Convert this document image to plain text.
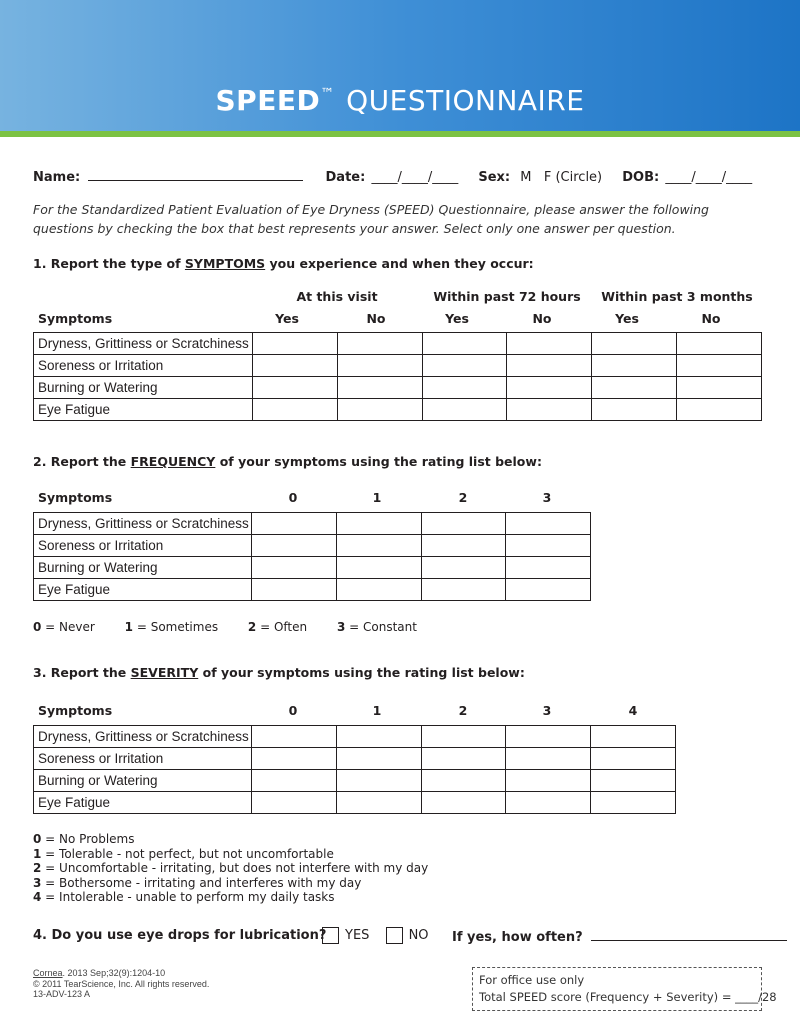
SPEED™ QUESTIONNAIRE
Name:	Date: ____/____/____ Sex: M   F (Circle) DOB: ____/____/____
For the Standardized Patient Evaluation of Eye Dryness (SPEED) Questionnaire, please answer the following questions by checking the box that best represents your answer. Select only one answer per question.
1. Report the type of SYMPTOMS you experience and when they occur:
At this visit	Within past 72 hours	Within past 3 months
Symptoms	Yes	No	Yes	No	Yes	No
Dryness, Grittiness or Scratchiness						
Soreness or Irritation						
Burning or Watering						
Eye Fatigue						
2. Report the FREQUENCY of your symptoms using the rating list below:
Symptoms	0	1	2	3
Dryness, Grittiness or Scratchiness				
Soreness or Irritation				
Burning or Watering				
Eye Fatigue				
0 = Never 1 = Sometimes 2 = Often 3 = Constant
3. Report the SEVERITY of your symptoms using the rating list below:
Symptoms	0	1	2	3	4
Dryness, Grittiness or Scratchiness					
Soreness or Irritation					
Burning or Watering					
Eye Fatigue					
0 = No Problems
1 = Tolerable - not perfect, but not uncomfortable
2 = Uncomfortable - irritating, but does not interfere with my day
3 = Bothersome - irritating and interferes with my day
4 = Intolerable - unable to perform my daily tasks
4. Do you use eye drops for lubrication?	YES	NO If yes, how often?
Cornea. 2013 Sep;32(9):1204-10
© 2011 TearScience, Inc. All rights reserved.
13-ADV-123 A
For office use only
Total SPEED score (Frequency + Severity) = ____/28
